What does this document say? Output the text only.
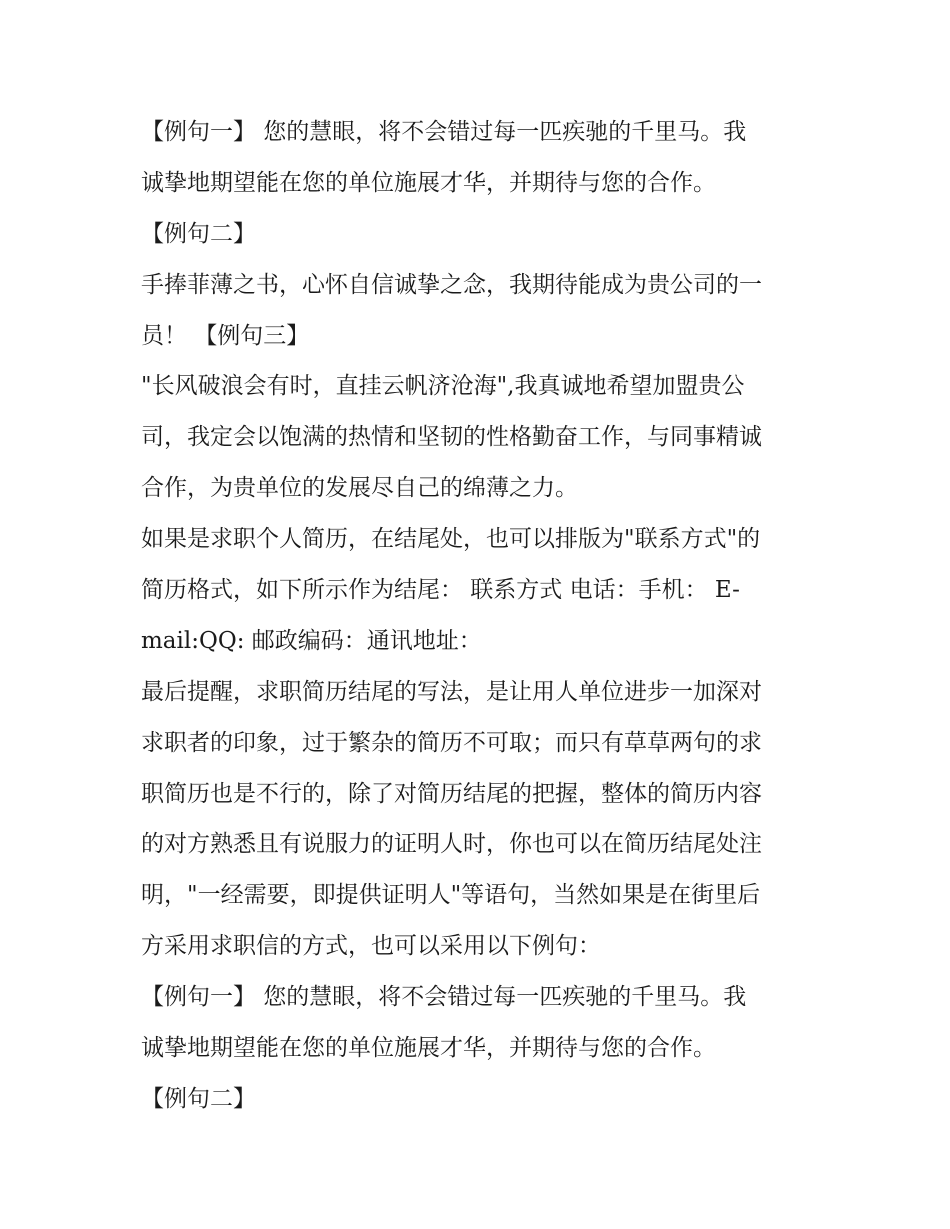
【例句一】 您的慧眼，将不会错过每一匹疾驰的千里马。我
诚挚地期望能在您的单位施展才华，并期待与您的合作。
【例句二】
手捧菲薄之书，心怀自信诚挚之念，我期待能成为贵公司的一
员！ 【例句三】
"长风破浪会有时，直挂云帆济沧海",我真诚地希望加盟贵公
司，我定会以饱满的热情和坚韧的性格勤奋工作，与同事精诚
合作，为贵单位的发展尽自己的绵薄之力。
如果是求职个人简历，在结尾处，也可以排版为"联系方式"的
简历格式，如下所示作为结尾： 联系方式 电话：手机： E-
mail:QQ: 邮政编码：通讯地址：
最后提醒，求职简历结尾的写法，是让用人单位进步一加深对
求职者的印象，过于繁杂的简历不可取；而只有草草两句的求
职简历也是不行的，除了对简历结尾的把握，整体的简历内容
的对方熟悉且有说服力的证明人时，你也可以在简历结尾处注
明，"一经需要，即提供证明人"等语句，当然如果是在街里后
方采用求职信的方式，也可以采用以下例句：
【例句一】 您的慧眼，将不会错过每一匹疾驰的千里马。我
诚挚地期望能在您的单位施展才华，并期待与您的合作。
【例句二】
